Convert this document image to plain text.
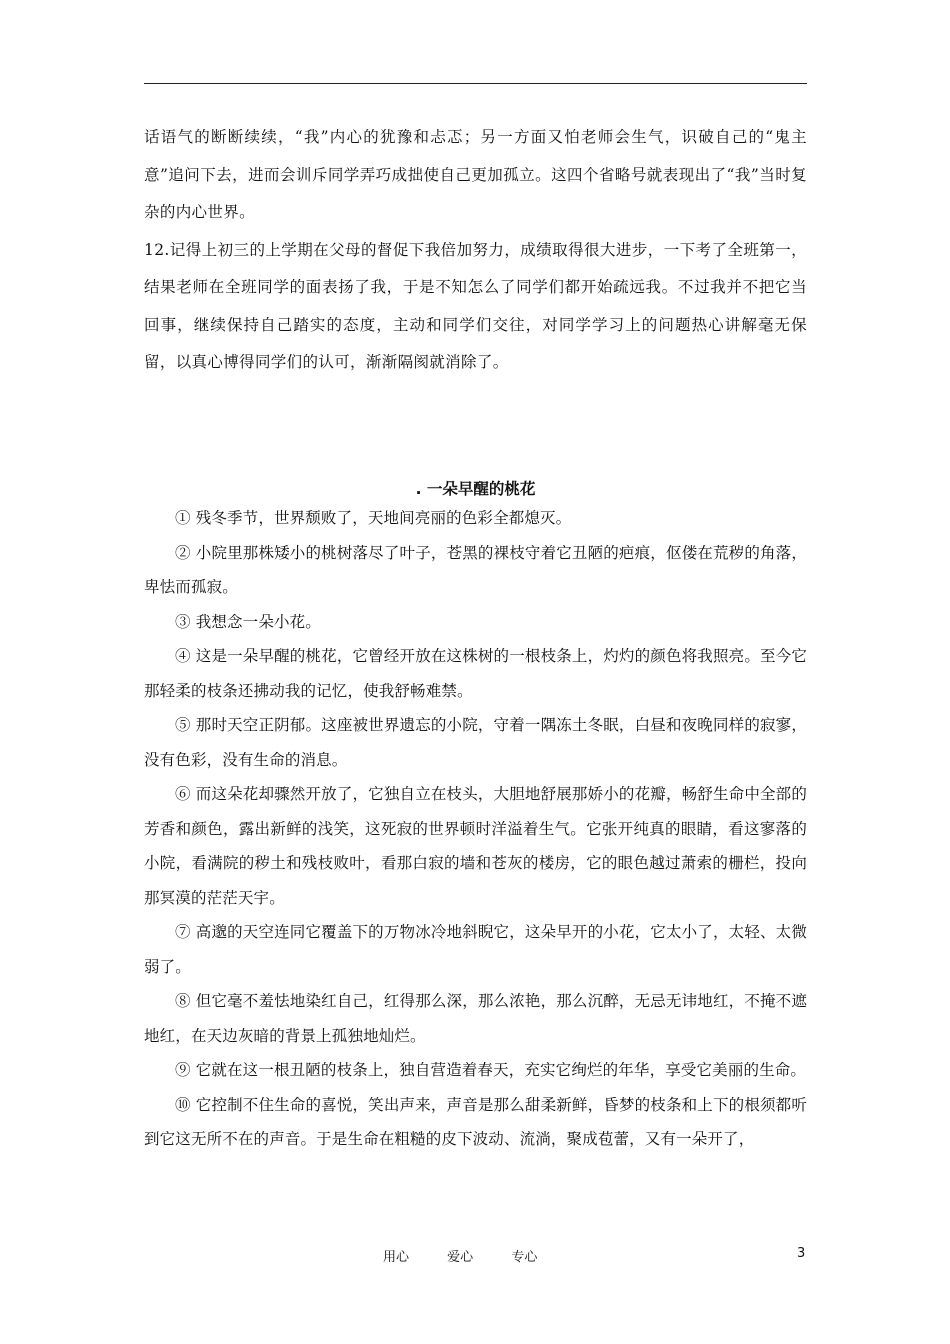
话语气的断断续续，“我”内心的犹豫和忐忑；另一方面又怕老师会生气，识破自己的“鬼主意”追问下去，进而会训斥同学弄巧成拙使自己更加孤立。这四个省略号就表现出了“我”当时复杂的内心世界。

12.记得上初三的上学期在父母的督促下我倍加努力，成绩取得很大进步，一下考了全班第一，结果老师在全班同学的面表扬了我，于是不知怎么了同学们都开始疏远我。不过我并不把它当回事，继续保持自己踏实的态度，主动和同学们交往，对同学学习上的问题热心讲解毫无保留，以真心博得同学们的认可，渐渐隔阂就消除了。

. 一朵早醒的桃花

① 残冬季节，世界颓败了，天地间亮丽的色彩全都熄灭。

② 小院里那株矮小的桃树落尽了叶子，苍黑的裸枝守着它丑陋的疤痕，伛偻在荒秽的角落，卑怯而孤寂。

③ 我想念一朵小花。

④ 这是一朵早醒的桃花，它曾经开放在这株树的一根枝条上，灼灼的颜色将我照亮。至今它那轻柔的枝条还拂动我的记忆，使我舒畅难禁。

⑤ 那时天空正阴郁。这座被世界遗忘的小院，守着一隅冻土冬眠，白昼和夜晚同样的寂寥，没有色彩，没有生命的消息。

⑥ 而这朵花却骤然开放了，它独自立在枝头，大胆地舒展那娇小的花瓣，畅舒生命中全部的芳香和颜色，露出新鲜的浅笑，这死寂的世界顿时洋溢着生气。它张开纯真的眼睛，看这寥落的小院，看满院的秽土和残枝败叶，看那白寂的墙和苍灰的楼房，它的眼色越过萧索的栅栏，投向那冥漠的茫茫天宇。

⑦ 高邈的天空连同它覆盖下的万物冰冷地斜睨它，这朵早开的小花，它太小了，太轻、太微弱了。

⑧ 但它毫不羞怯地染红自己，红得那么深，那么浓艳，那么沉醉，无忌无讳地红，不掩不遮地红，在天边灰暗的背景上孤独地灿烂。

⑨ 它就在这一根丑陋的枝条上，独自营造着春天，充实它绚烂的年华，享受它美丽的生命。

⑩ 它控制不住生命的喜悦，笑出声来，声音是那么甜柔新鲜，昏梦的枝条和上下的根须都听到它这无所不在的声音。于是生命在粗糙的皮下波动、流淌，聚成苞蕾，又有一朵开了，

用心	爱心	专心	3
